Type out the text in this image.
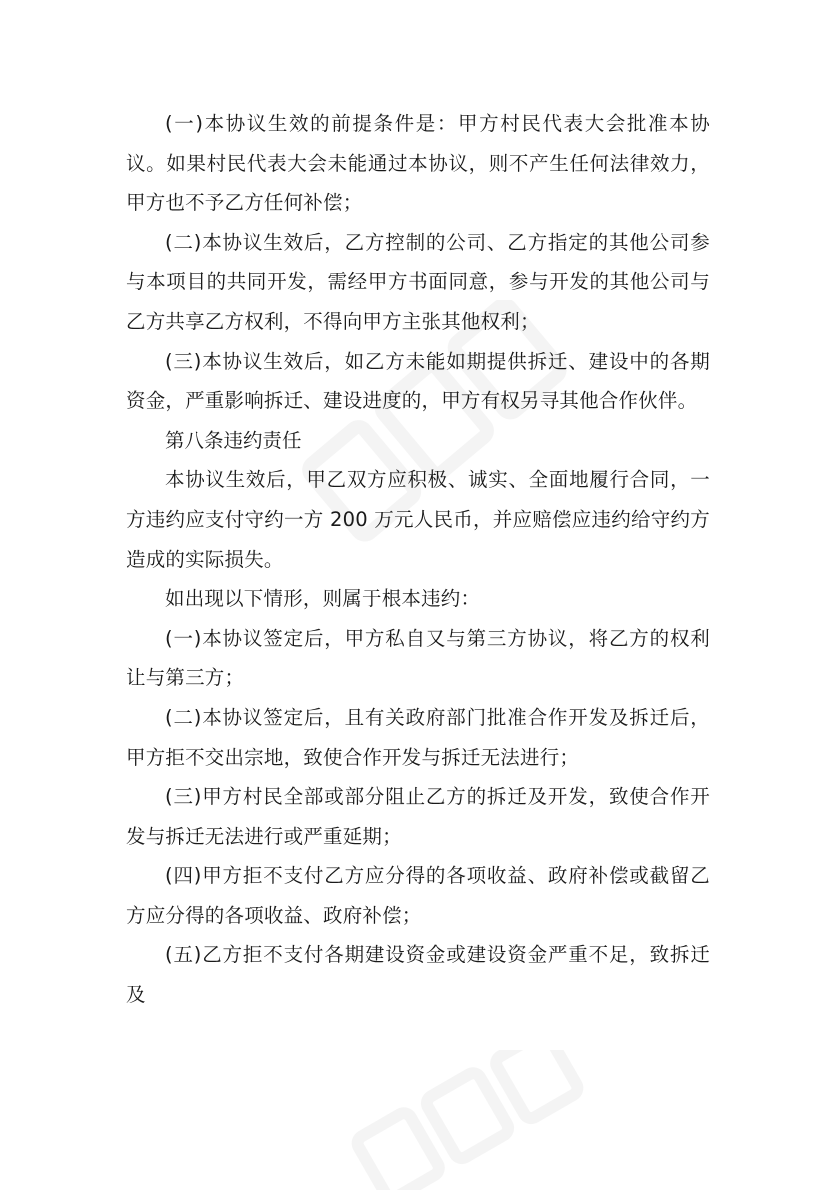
(一)本协议生效的前提条件是：甲方村民代表大会批准本协议。如果村民代表大会未能通过本协议，则不产生任何法律效力，甲方也不予乙方任何补偿；

(二)本协议生效后，乙方控制的公司、乙方指定的其他公司参与本项目的共同开发，需经甲方书面同意，参与开发的其他公司与乙方共享乙方权利，不得向甲方主张其他权利；

(三)本协议生效后，如乙方未能如期提供拆迁、建设中的各期资金，严重影响拆迁、建设进度的，甲方有权另寻其他合作伙伴。

第八条违约责任

本协议生效后，甲乙双方应积极、诚实、全面地履行合同，一方违约应支付守约一方 200 万元人民币，并应赔偿应违约给守约方造成的实际损失。

如出现以下情形，则属于根本违约：

(一)本协议签定后，甲方私自又与第三方协议，将乙方的权利让与第三方；

(二)本协议签定后，且有关政府部门批准合作开发及拆迁后，甲方拒不交出宗地，致使合作开发与拆迁无法进行；

(三)甲方村民全部或部分阻止乙方的拆迁及开发，致使合作开发与拆迁无法进行或严重延期；

(四)甲方拒不支付乙方应分得的各项收益、政府补偿或截留乙方应分得的各项收益、政府补偿；

(五)乙方拒不支付各期建设资金或建设资金严重不足，致拆迁及
